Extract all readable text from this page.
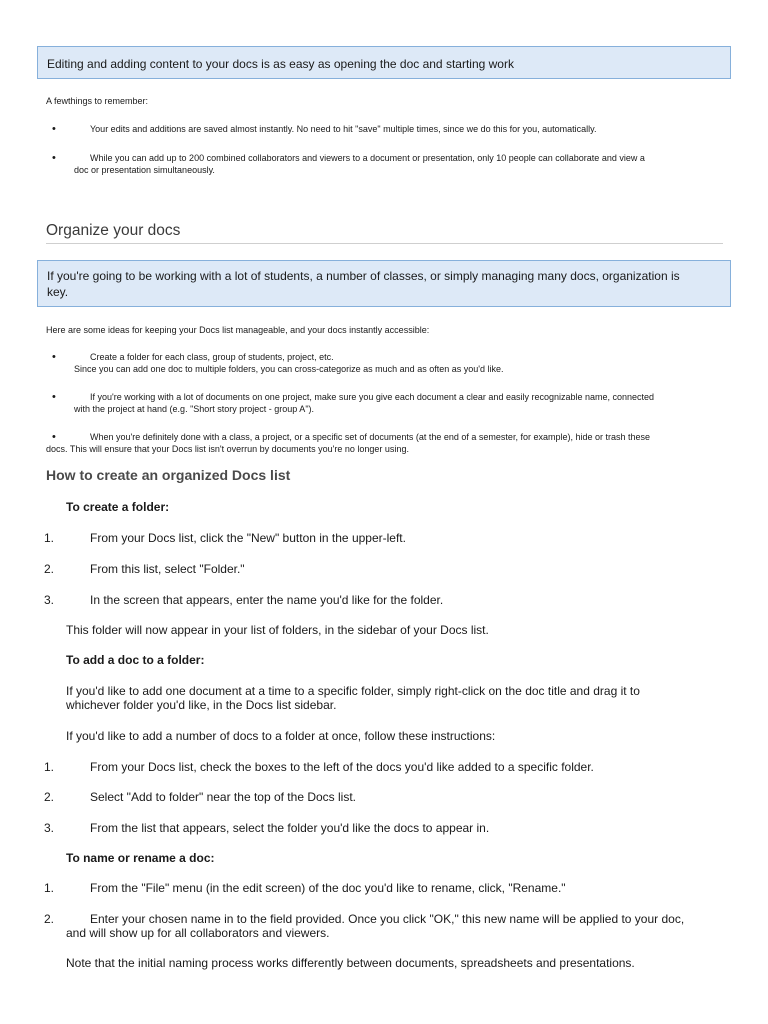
Editing and adding content to your docs is as easy as opening the doc and starting work

A fewthings to remember:

•	Your edits and additions are saved almost instantly. No need to hit "save" multiple times, since we do this for you, automatically.

•	While you can add up to 200 combined collaborators and viewers to a document or presentation, only 10 people can collaborate and view a

doc or presentation simultaneously.

Organize your docs
If you're going to be working with a lot of students, a number of classes, or simply managing many docs, organization is
key.

Here are some ideas for keeping your Docs list manageable, and your docs instantly accessible:

•	Create a folder for each class, group of students, project, etc.

Since you can add one doc to multiple folders, you can cross-categorize as much and as often as you'd like.

•	If you're working with a lot of documents on one project, make sure you give each document a clear and easily recognizable name, connected

with the project at hand (e.g. "Short story project - group A").

•	When you're definitely done with a class, a project, or a specific set of documents (at the end of a semester, for example), hide or trash these

docs. This will ensure that your Docs list isn't overrun by documents you're no longer using.

How to create an organized Docs list

To create a folder:

1.	From your Docs list, click the "New" button in the upper-left.

2.	From this list, select "Folder."

3.	In the screen that appears, enter the name you'd like for the folder.

This folder will now appear in your list of folders, in the sidebar of your Docs list.

To add a doc to a folder:

If you'd like to add one document at a time to a specific folder, simply right-click on the doc title and drag it to

whichever folder you'd like, in the Docs list sidebar.

If you'd like to add a number of docs to a folder at once, follow these instructions:

1.	From your Docs list, check the boxes to the left of the docs you'd like added to a specific folder.

2.	Select "Add to folder" near the top of the Docs list.

3.	From the list that appears, select the folder you'd like the docs to appear in.

To name or rename a doc:

1.	From the "File" menu (in the edit screen) of the doc you'd like to rename, click, "Rename."

2.	Enter your chosen name in to the field provided. Once you click "OK," this new name will be applied to your doc,

and will show up for all collaborators and viewers.

Note that the initial naming process works differently between documents, spreadsheets and presentations.
